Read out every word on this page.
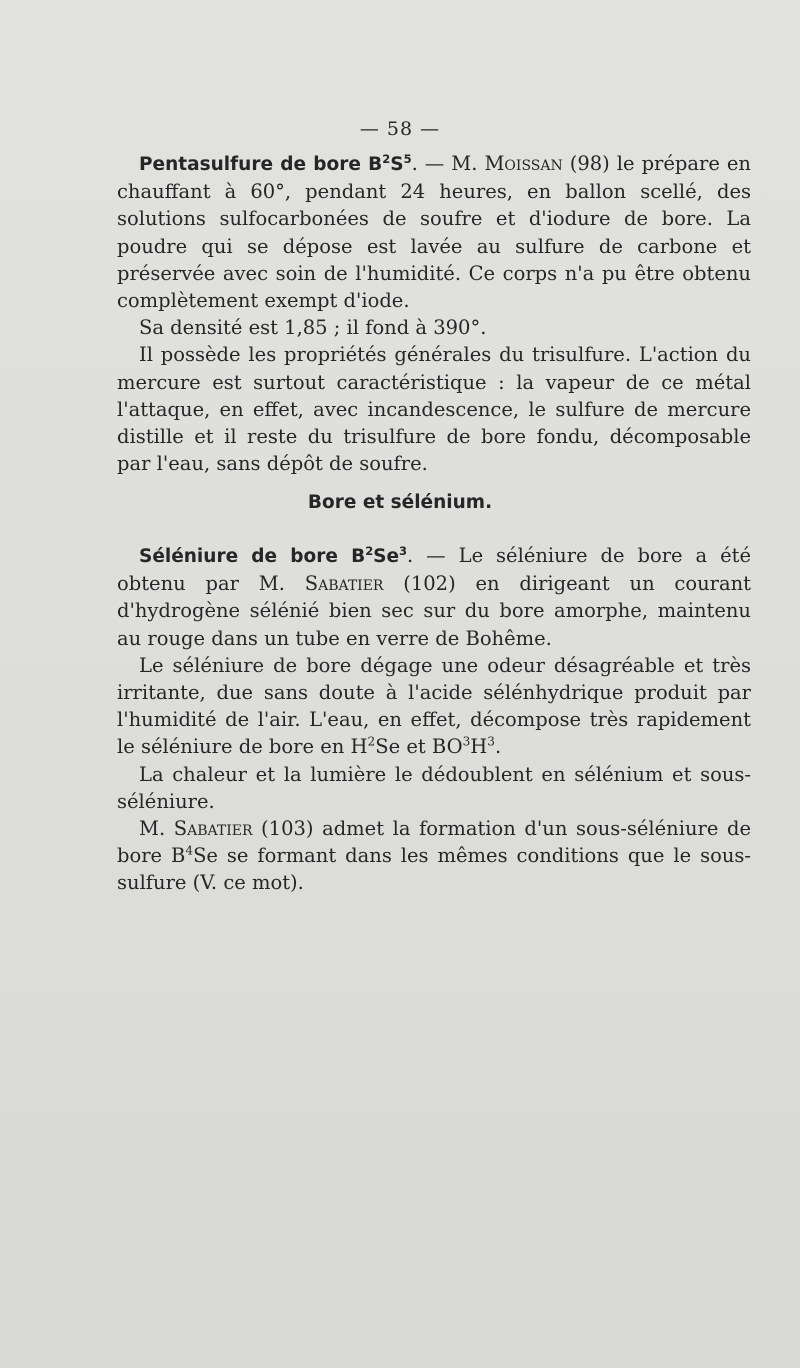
— 58 —

Pentasulfure de bore $B^2S^5$. — M. Moissan (98) le prépare en chauffant à 60°, pendant 24 heures, en ballon scellé, des solutions sulfocarbonées de soufre et d'iodure de bore. La poudre qui se dépose est lavée au sulfure de carbone et préservée avec soin de l'humidité. Ce corps n'a pu être obtenu complètement exempt d'iode.

Sa densité est 1,85 ; il fond à 390°.

Il possède les propriétés générales du trisulfure. L'action du mercure est surtout caractéristique : la vapeur de ce métal l'attaque, en effet, avec incandescence, le sulfure de mercure distille et il reste du trisulfure de bore fondu, décomposable par l'eau, sans dépôt de soufre.

Bore et sélénium.

Séléniure de bore $B^2Se^3$. — Le séléniure de bore a été obtenu par M. Sabatier (102) en dirigeant un courant d'hydrogène sélénié bien sec sur du bore amorphe, maintenu au rouge dans un tube en verre de Bohême.

Le séléniure de bore dégage une odeur désagréable et très irritante, due sans doute à l'acide sélénhydrique produit par l'humidité de l'air. L'eau, en effet, décompose très rapidement le séléniure de bore en $H^2Se$ et $BO^3H^3$.

La chaleur et la lumière le dédoublent en sélénium et sous-séléniure.

M. Sabatier (103) admet la formation d'un sous-séléniure de bore $B^4Se$ se formant dans les mêmes conditions que le sous-sulfure (V. ce mot).
